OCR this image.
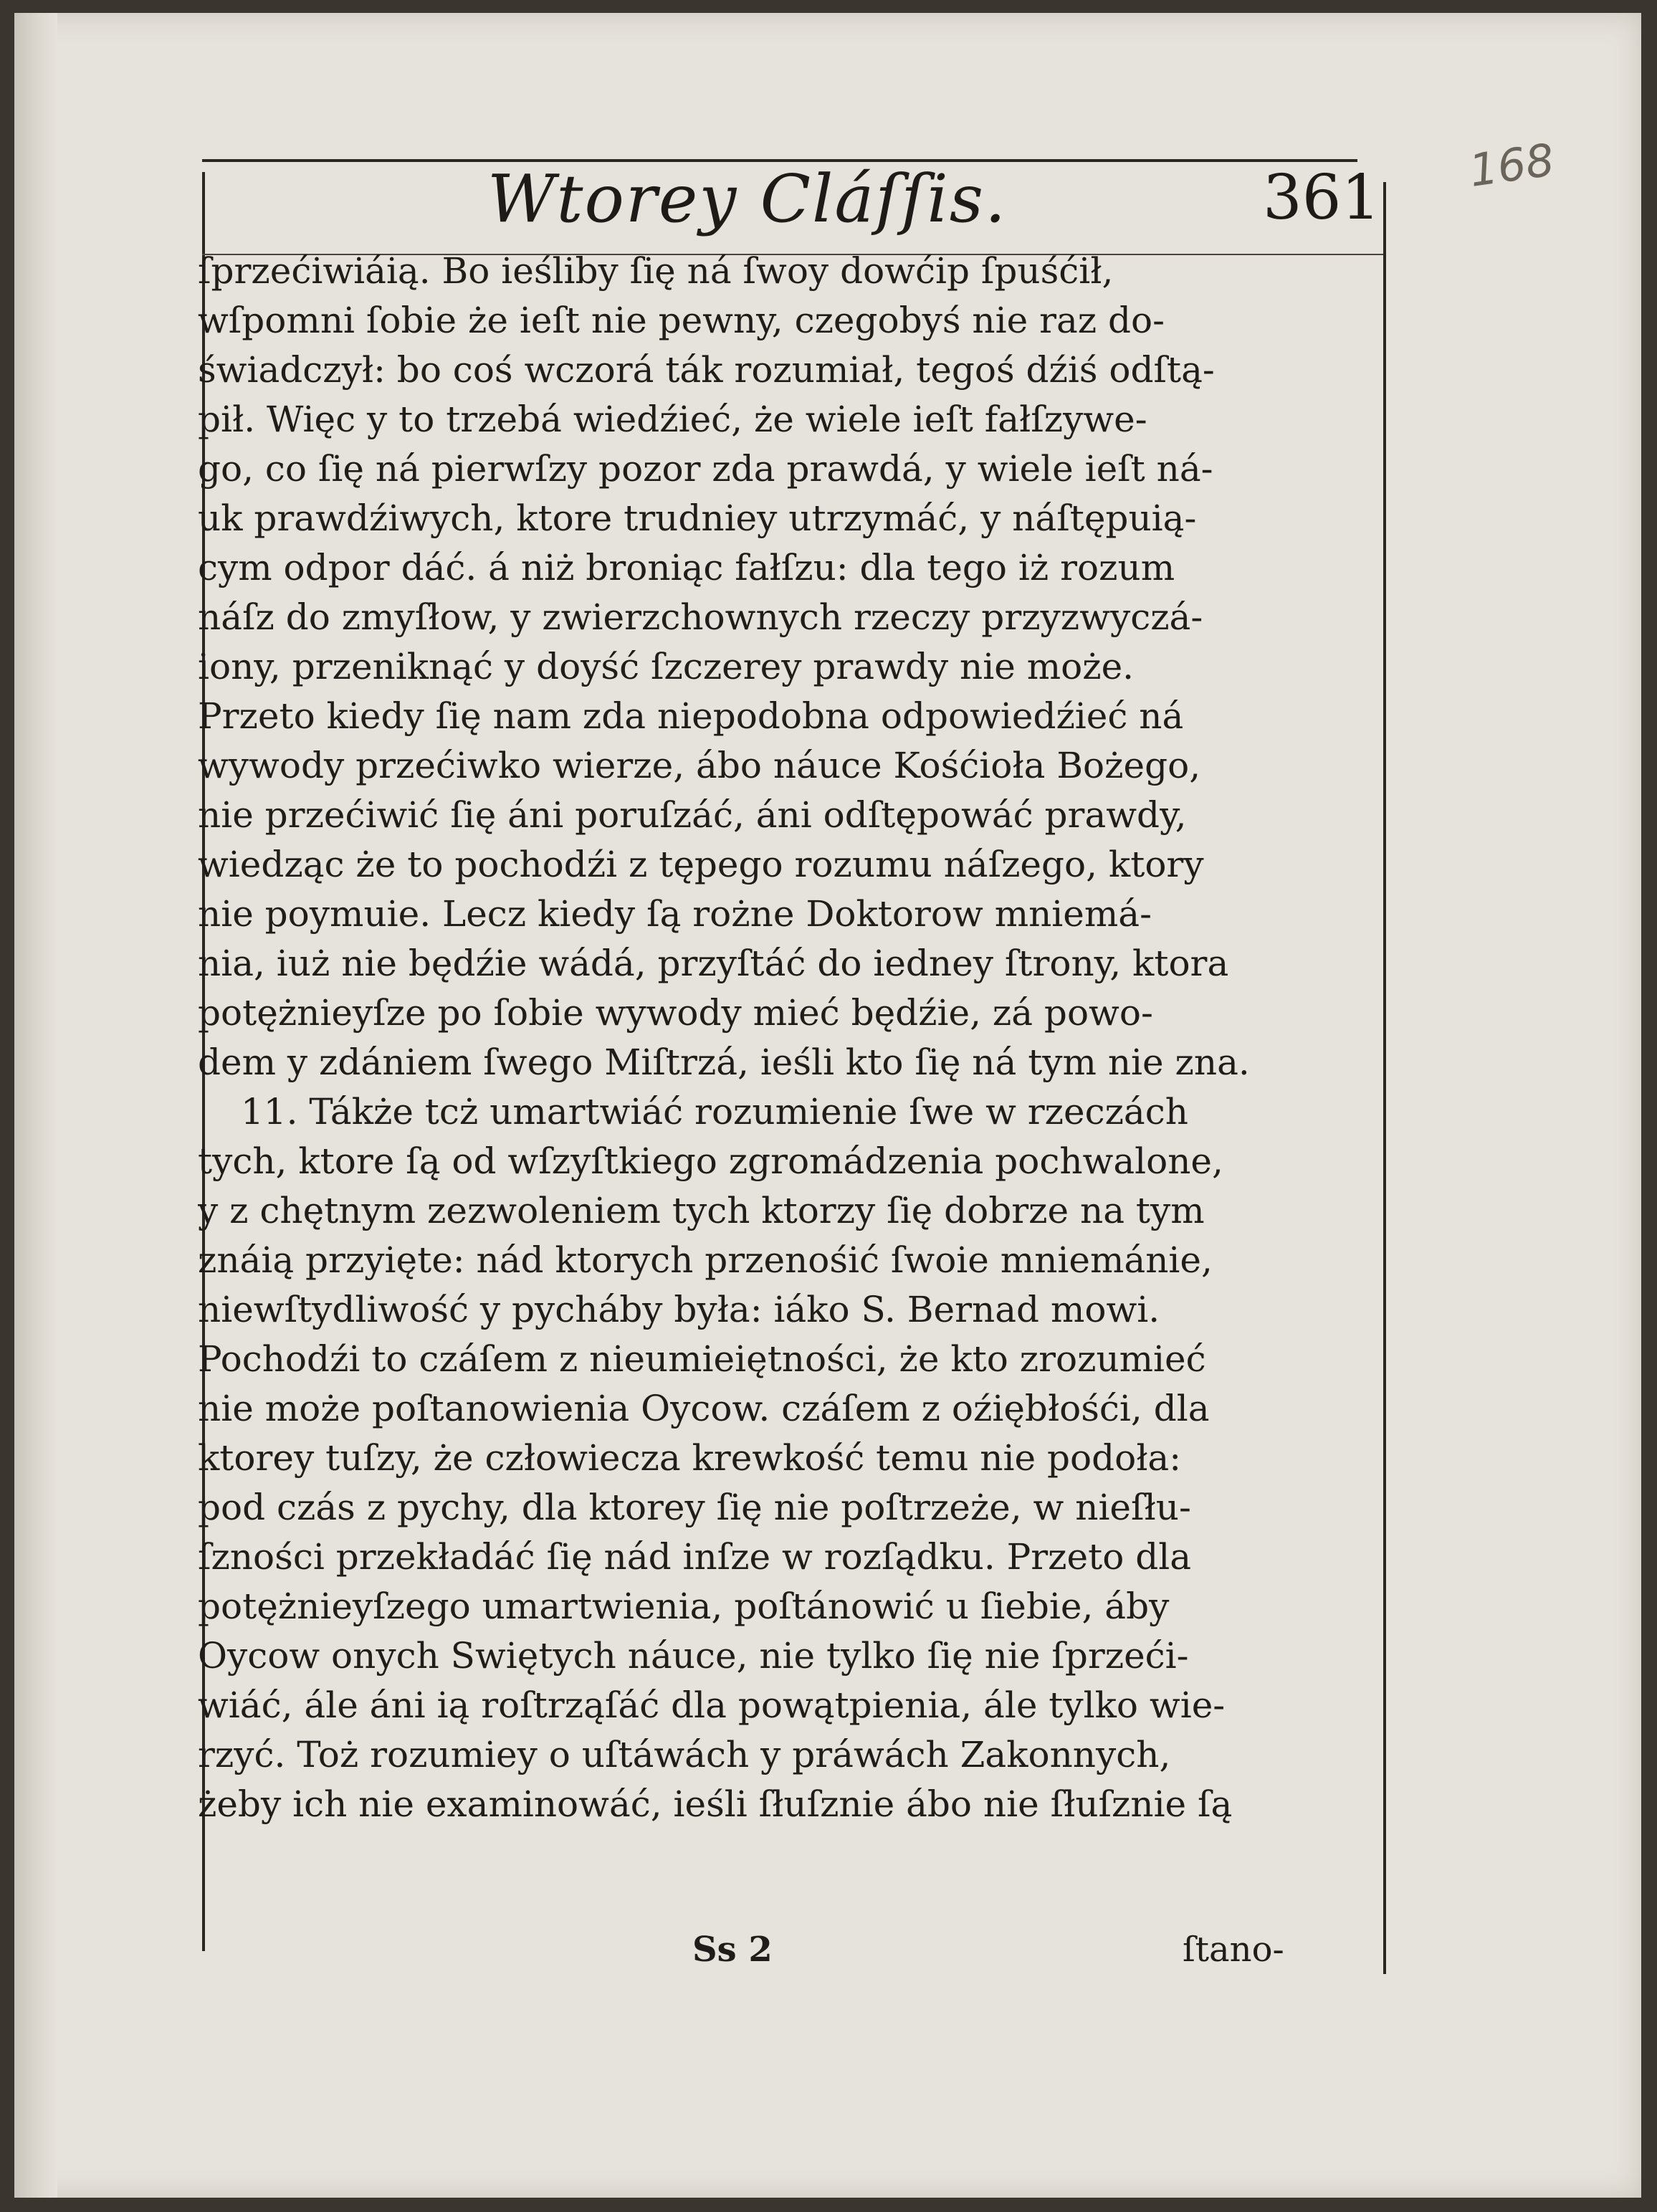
Wtorey Cláſſis.	361 168
ſprzećiwiáią. Bo ieśliby ſię ná ſwoy dowćip ſpuśćił,
wſpomni ſobie że ieſt nie pewny, czegobyś nie raz do-
świadczył: bo coś wczorá ták rozumiał, tegoś dźiś odſtą-
pił. Więc y to trzebá wiedźieć, że wiele ieſt fałſzywe-
go, co ſię ná pierwſzy pozor zda prawdá, y wiele ieſt ná-
uk prawdźiwych, ktore trudniey utrzymáć, y náſtępuią-
cym odpor dáć. á niż broniąc fałſzu: dla tego iż rozum
náſz do zmyſłow, y zwierzchownych rzeczy przyzwyczá-
iony, przeniknąć y doyść ſzczerey prawdy nie może.
Przeto kiedy ſię nam zda niepodobna odpowiedźieć ná
wywody przećiwko wierze, ábo náuce Kośćioła Bożego,
nie przećiwić ſię áni poruſzáć, áni odſtępowáć prawdy,
wiedząc że to pochodźi z tępego rozumu náſzego, ktory
nie poymuie. Lecz kiedy ſą rożne Doktorow mniemá-
nia, iuż nie będźie wádá, przyſtáć do iedney ſtrony, ktora
potężnieyſze po ſobie wywody mieć będźie, zá powo-
dem y zdániem ſwego Miſtrzá, ieśli kto ſię ná tym nie zna.
11. Tákże tcż umartwiáć rozumienie ſwe w rzeczách
tych, ktore ſą od wſzyſtkiego zgromádzenia pochwalone,
y z chętnym zezwoleniem tych ktorzy ſię dobrze na tym
znáią przyięte: nád ktorych przenośić ſwoie mniemánie,
niewſtydliwość y pycháby była: iáko S. Bernad mowi.
Pochodźi to czáſem z nieumieiętności, że kto zrozumieć
nie może poſtanowienia Oycow. czáſem z oźiębłośći, dla
ktorey tuſzy, że człowiecza krewkość temu nie podoła:
pod czás z pychy, dla ktorey ſię nie poſtrzeże, w nieſłu-
ſzności przekładáć ſię nád inſze w rozſądku. Przeto dla
potężnieyſzego umartwienia, poſtánowić u ſiebie, áby
Oycow onych Swiętych náuce, nie tylko ſię nie ſprzeći-
wiáć, ále áni ią roſtrząſáć dla powątpienia, ále tylko wie-
rzyć. Toż rozumiey o uſtáwách y práwách Zakonnych,
żeby ich nie examinowáć, ieśli ſłuſznie ábo nie ſłuſznie ſą
Ss 2	ſtano-
